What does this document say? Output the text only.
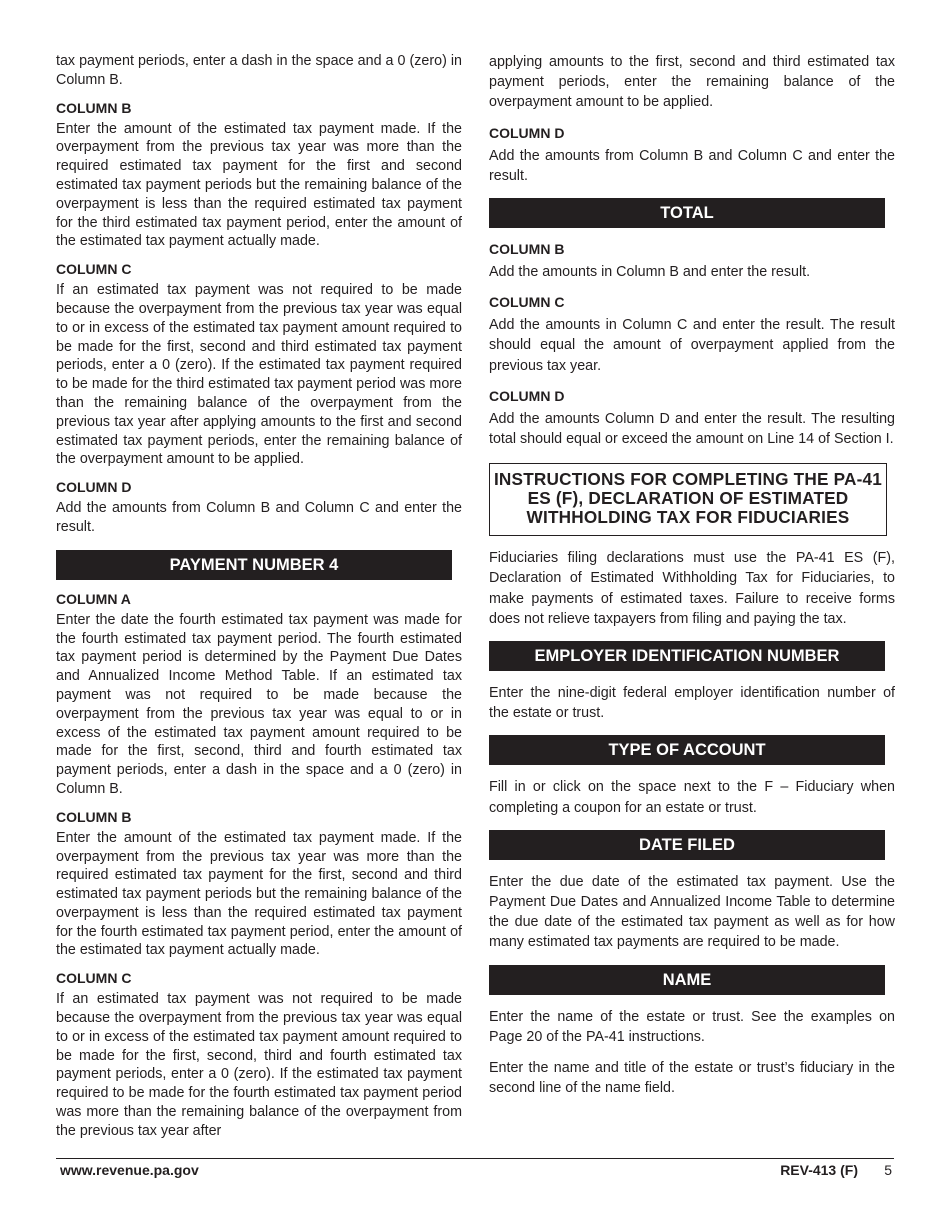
tax payment periods, enter a dash in the space and a 0 (zero) in Column B.

COLUMN B

Enter the amount of the estimated tax payment made. If the overpayment from the previous tax year was more than the required estimated tax payment for the first and second estimated tax payment periods but the remaining balance of the overpayment is less than the required estimated tax payment for the third estimated tax payment period, enter the amount of the estimated tax payment actually made.

COLUMN C

If an estimated tax payment was not required to be made because the overpayment from the previous tax year was equal to or in excess of the estimated tax payment amount required to be made for the first, second and third estimated tax payment periods, enter a 0 (zero). If the estimated tax payment required to be made for the third estimated tax payment period was more than the remaining balance of the overpayment from the previous tax year after applying amounts to the first and second estimated tax payment periods, enter the remaining balance of the overpayment amount to be applied.

COLUMN D

Add the amounts from Column B and Column C and enter the result.

PAYMENT NUMBER 4
COLUMN A

Enter the date the fourth estimated tax payment was made for the fourth estimated tax payment period. The fourth estimated tax payment period is determined by the Payment Due Dates and Annualized Income Method Table. If an estimated tax payment was not required to be made because the overpayment from the previous tax year was equal to or in excess of the estimated tax payment amount required to be made for the first, second, third and fourth estimated tax payment periods, enter a dash in the space and a 0 (zero) in Column B.

COLUMN B

Enter the amount of the estimated tax payment made. If the overpayment from the previous tax year was more than the required estimated tax payment for the first, second and third estimated tax payment periods but the remaining balance of the overpayment is less than the required estimated tax payment for the fourth estimated tax payment period, enter the amount of the estimated tax payment actually made.

COLUMN C

If an estimated tax payment was not required to be made because the overpayment from the previous tax year was equal to or in excess of the estimated tax payment amount required to be made for the first, second, third and fourth estimated tax payment periods, enter a 0 (zero). If the estimated tax payment required to be made for the fourth estimated tax payment period was more than the remaining balance of the overpayment from the previous tax year after

applying amounts to the first, second and third estimated tax payment periods, enter the remaining balance of the overpayment amount to be applied.

COLUMN D

Add the amounts from Column B and Column C and enter the result.

TOTAL
COLUMN B

Add the amounts in Column B and enter the result.

COLUMN C

Add the amounts in Column C and enter the result. The result should equal the amount of overpayment applied from the previous tax year.

COLUMN D

Add the amounts Column D and enter the result. The resulting total should equal or exceed the amount on Line 14 of Section I.

INSTRUCTIONS FOR COMPLETING THE PA-41 ES (F), DECLARATION OF ESTIMATED WITHHOLDING TAX FOR FIDUCIARIES

Fiduciaries filing declarations must use the PA-41 ES (F), Declaration of Estimated Withholding Tax for Fiduciaries, to make payments of estimated taxes. Failure to receive forms does not relieve taxpayers from filing and paying the tax.

EMPLOYER IDENTIFICATION NUMBER

Enter the nine-digit federal employer identification number of the estate or trust.

TYPE OF ACCOUNT

Fill in or click on the space next to the F – Fiduciary when completing a coupon for an estate or trust.

DATE FILED

Enter the due date of the estimated tax payment. Use the Payment Due Dates and Annualized Income Table to determine the due date of the estimated tax payment as well as for how many estimated tax payments are required to be made.

NAME

Enter the name of the estate or trust. See the examples on Page 20 of the PA-41 instructions.

Enter the name and title of the estate or trust’s fiduciary in the second line of the name field.

www.revenue.pa.gov	REV-413 (F) 5
